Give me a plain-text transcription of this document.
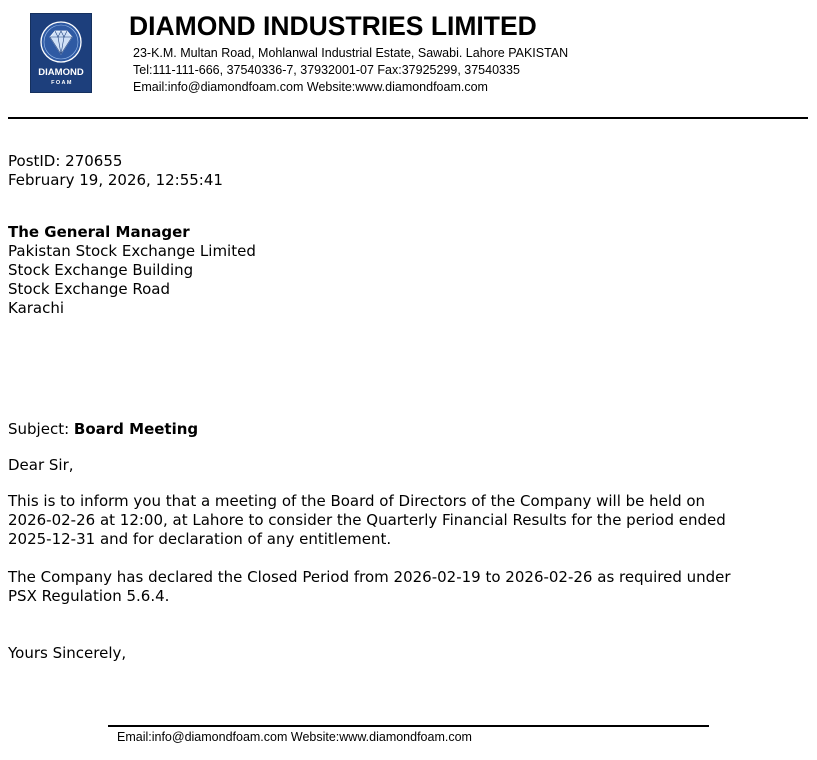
DIAMOND
FOAM
DIAMOND INDUSTRIES LIMITED
23-K.M. Multan Road, Mohlanwal Industrial Estate, Sawabi. Lahore PAKISTAN
Tel:111-111-666, 37540336-7, 37932001-07 Fax:37925299, 37540335
Email:info@diamondfoam.com Website:www.diamondfoam.com
PostID: 270655
February 19, 2026, 12:55:41
The General Manager
Pakistan Stock Exchange Limited
Stock Exchange Building
Stock Exchange Road
Karachi
Subject: Board Meeting
Dear Sir,
This is to inform you that a meeting of the Board of Directors of the Company will be held on
2026-02-26 at 12:00, at Lahore to consider the Quarterly Financial Results for the period ended
2025-12-31 and for declaration of any entitlement.
The Company has declared the Closed Period from 2026-02-19 to 2026-02-26 as required under
PSX Regulation 5.6.4.
Yours Sincerely,
Email:info@diamondfoam.com Website:www.diamondfoam.com
